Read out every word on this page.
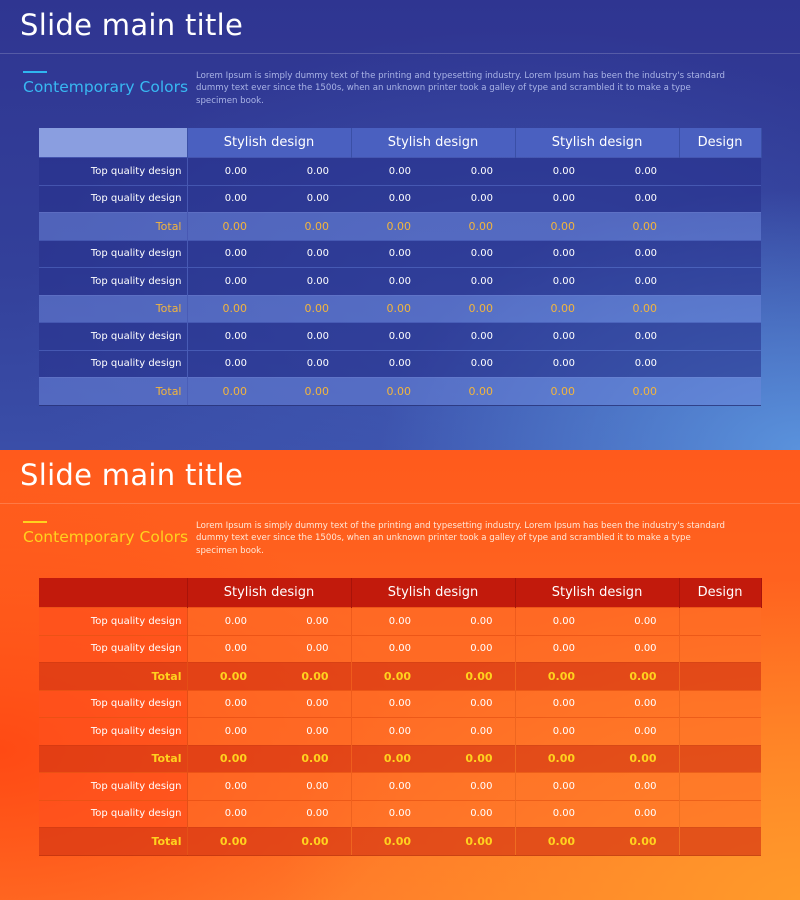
Slide main title
Contemporary Colors
Lorem Ipsum is simply dummy text of the printing and typesetting industry. Lorem Ipsum has been the industry's standard dummy text ever since the 1500s, when an unknown printer took a galley of type and scrambled it to make a type specimen book.
	Stylish design		Stylish design		Stylish design		Design
Top quality design	0.00	0.00	0.00	0.00	0.00	0.00	
Top quality design	0.00	0.00	0.00	0.00	0.00	0.00	
Total	0.00	0.00	0.00	0.00	0.00	0.00	
Top quality design	0.00	0.00	0.00	0.00	0.00	0.00	
Top quality design	0.00	0.00	0.00	0.00	0.00	0.00	
Total	0.00	0.00	0.00	0.00	0.00	0.00	
Top quality design	0.00	0.00	0.00	0.00	0.00	0.00	
Top quality design	0.00	0.00	0.00	0.00	0.00	0.00	
Total	0.00	0.00	0.00	0.00	0.00	0.00	
Slide main title
Contemporary Colors
Lorem Ipsum is simply dummy text of the printing and typesetting industry. Lorem Ipsum has been the industry's standard dummy text ever since the 1500s, when an unknown printer took a galley of type and scrambled it to make a type specimen book.
	Stylish design		Stylish design		Stylish design		Design
Top quality design	0.00	0.00	0.00	0.00	0.00	0.00	
Top quality design	0.00	0.00	0.00	0.00	0.00	0.00	
Total	0.00	0.00	0.00	0.00	0.00	0.00	
Top quality design	0.00	0.00	0.00	0.00	0.00	0.00	
Top quality design	0.00	0.00	0.00	0.00	0.00	0.00	
Total	0.00	0.00	0.00	0.00	0.00	0.00	
Top quality design	0.00	0.00	0.00	0.00	0.00	0.00	
Top quality design	0.00	0.00	0.00	0.00	0.00	0.00	
Total	0.00	0.00	0.00	0.00	0.00	0.00	
